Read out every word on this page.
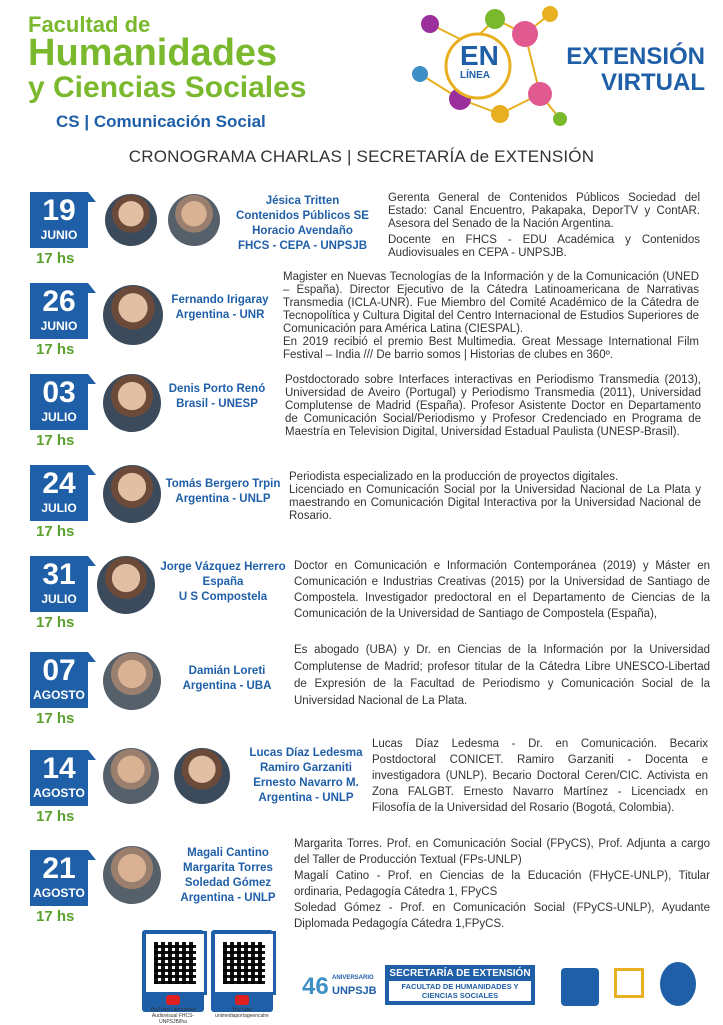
Facultad de
Humanidades
y Ciencias Sociales
CS | Comunicación Social
EN
LÍNEA
EXTENSIÓN
VIRTUAL
CRONOGRAMA CHARLAS | SECRETARÍA de EXTENSIÓN
19
JUNIO
17 hs
Jésica Tritten
Contenidos Públicos SE
Horacio Avendaño
FHCS - CEPA - UNPSJB

Gerenta General de Contenidos Públicos Sociedad del Estado: Canal Encuentro, Pakapaka, DeporTV y ContAR. Asesora del Senado de la Nación Argentina.

Docente en FHCS - EDU Académica y Contenidos Audiovisuales en CEPA - UNPSJB.

26
JUNIO
17 hs
Fernando Irigaray
Argentina - UNR

Magister en Nuevas Tecnologías de la Información y de la Comunicación (UNED – España). Director Ejecutivo de la Cátedra Latinoamericana de Narrativas Transmedia (ICLA-UNR). Fue Miembro del Comité Académico de la Cátedra de Tecnopolítica y Cultura Digital del Centro Internacional de Estudios Superiores de Comunicación para América Latina (CIESPAL).

En 2019 recibió el premio Best Multimedia. Great Message International Film Festival – India /// De barrio somos | Historias de clubes en 360º.

03
JULIO
17 hs
Denis Porto Renó
Brasil - UNESP

Postdoctorado sobre Interfaces interactivas en Periodismo Transmedia (2013), Universidad de Aveiro (Portugal) y Periodismo Transmedia (2011), Universidad Complutense de Madrid (España). Profesor Asistente Doctor en Departamento de Comunicación Social/Periodismo y Profesor Credenciado en Programa de Maestría en Television Digital, Universidad Estadual Paulista (UNESP-Brasil).

24
JULIO
17 hs
Tomás Bergero Trpin
Argentina - UNLP

Periodista especializado en la producción de proyectos digitales.

Licenciado en Comunicación Social por la Universidad Nacional de La Plata y maestrando en Comunicación Digital Interactiva por la Universidad Nacional de Rosario.

31
JULIO
17 hs
Jorge Vázquez Herrero
España
U S Compostela

Doctor en Comunicación e Información Contemporánea (2019) y Máster en Comunicación e Industrias Creativas (2015) por la Universidad de Santiago de Compostela. Investigador predoctoral en el Departamento de Ciencias de la Comunicación de la Universidad de Santiago de Compostela (España),

07
AGOSTO
17 hs
Damián Loreti
Argentina - UBA

Es abogado (UBA) y Dr. en Ciencias de la Información por la Universidad Complutense de Madrid; profesor titular de la Cátedra Libre UNESCO-Libertad de Expresión de la Facultad de Periodismo y Comunicación Social de la Universidad Nacional de La Plata.

14
AGOSTO
17 hs
Lucas Díaz Ledesma
Ramiro Garzaniti
Ernesto Navarro M.
Argentina - UNLP

Lucas Díaz Ledesma - Dr. en Comunicación. Becarix Postdoctoral CONICET. Ramiro Garzaniti - Docenta e investigadora (UNLP). Becario Doctoral Ceren/CIC. Activista en Zona FALGBT. Ernesto Navarro Martínez - Licenciadx en Filosofía de la Universidad del Rosario (Bogotá, Colombia).

21
AGOSTO
17 hs
Magali Cantino
Margarita Torres
Soledad Gómez
Argentina - UNLP

Margarita Torres. Prof. en Comunicación Social (FPyCS), Prof. Adjunta a cargo del Taller de Producción Textual (FPs-UNLP)

Magalí Catino - Prof. en Ciencias de la Educación (FHyCE-UNLP), Titular ordinaria, Pedagogía Cátedra 1, FPyCS

Soledad Gómez - Prof. en Comunicación Social (FPyCS-UNLP), Ayudante Diplomada Pedagogía Cátedra 1,FPyCS.

YouTube Laboratorio Audiovisual FHCS-UNPSJB/lha
YouTube unimediaportageencalre
46 ANIVERSARIO
UNPSJB
SECRETARÍA DE EXTENSIÓN
FACULTAD DE HUMANIDADES Y CIENCIAS SOCIALES
